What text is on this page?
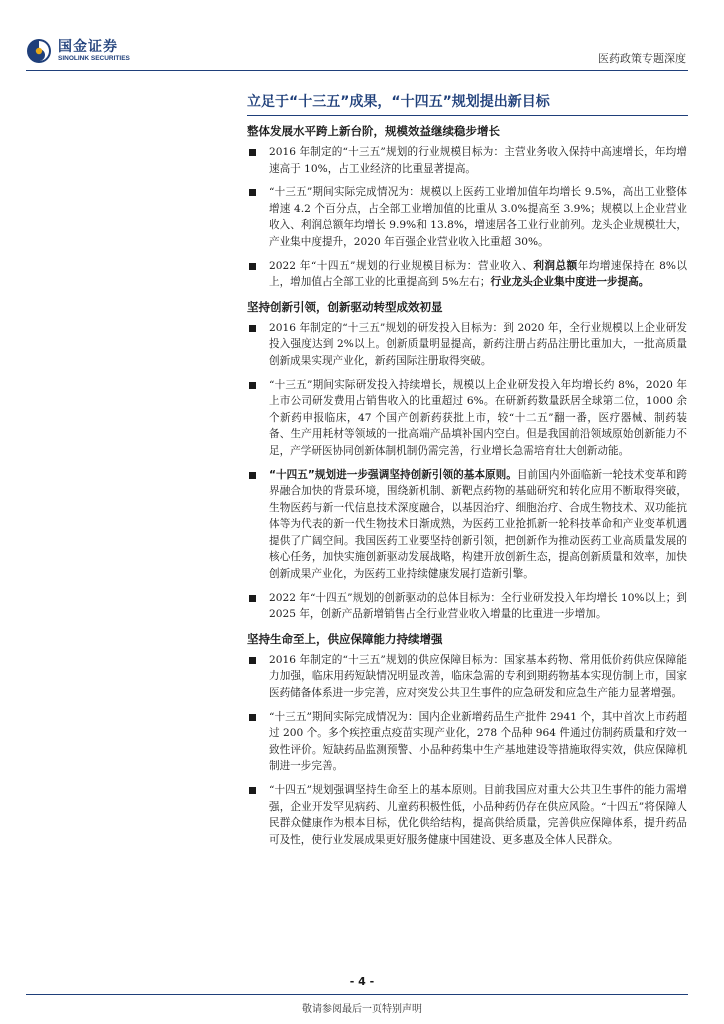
国金证券
SINOLINK SECURITIES	医药政策专题深度
立足于“十三五”成果，“十四五”规划提出新目标
整体发展水平跨上新台阶，规模效益继续稳步增长
2016 年制定的“十三五”规划的行业规模目标为：主营业务收入保持中高速增长，年均增速高于 10%，占工业经济的比重显著提高。
“十三五”期间实际完成情况为：规模以上医药工业增加值年均增长 9.5%，高出工业整体增速 4.2 个百分点，占全部工业增加值的比重从 3.0%提高至 3.9%；规模以上企业营业收入、利润总额年均增长 9.9%和 13.8%，增速居各工业行业前列。龙头企业规模壮大，产业集中度提升，2020 年百强企业营业收入比重超 30%。
2022 年“十四五”规划的行业规模目标为：营业收入、利润总额年均增速保持在 8%以上，增加值占全部工业的比重提高到 5%左右；行业龙头企业集中度进一步提高。
坚持创新引领，创新驱动转型成效初显
2016 年制定的“十三五”规划的研发投入目标为：到 2020 年，全行业规模以上企业研发投入强度达到 2%以上。创新质量明显提高，新药注册占药品注册比重加大，一批高质量创新成果实现产业化，新药国际注册取得突破。
“十三五”期间实际研发投入持续增长，规模以上企业研发投入年均增长约 8%，2020 年上市公司研发费用占销售收入的比重超过 6%。在研新药数量跃居全球第二位，1000 余个新药申报临床，47 个国产创新药获批上市，较“十二五”翻一番，医疗器械、制药装备、生产用耗材等领域的一批高端产品填补国内空白。但是我国前沿领域原始创新能力不足，产学研医协同创新体制机制仍需完善，行业增长急需培育壮大创新动能。
“十四五”规划进一步强调坚持创新引领的基本原则。目前国内外面临新一轮技术变革和跨界融合加快的背景环境，围绕新机制、新靶点药物的基础研究和转化应用不断取得突破，生物医药与新一代信息技术深度融合，以基因治疗、细胞治疗、合成生物技术、双功能抗体等为代表的新一代生物技术日渐成熟，为医药工业抢抓新一轮科技革命和产业变革机遇提供了广阔空间。我国医药工业要坚持创新引领，把创新作为推动医药工业高质量发展的核心任务，加快实施创新驱动发展战略，构建开放创新生态，提高创新质量和效率，加快创新成果产业化，为医药工业持续健康发展打造新引擎。
2022 年“十四五”规划的创新驱动的总体目标为：全行业研发投入年均增长 10%以上；到 2025 年，创新产品新增销售占全行业营业收入增量的比重进一步增加。
坚持生命至上，供应保障能力持续增强
2016 年制定的“十三五”规划的供应保障目标为：国家基本药物、常用低价药供应保障能力加强，临床用药短缺情况明显改善，临床急需的专利到期药物基本实现仿制上市，国家医药储备体系进一步完善，应对突发公共卫生事件的应急研发和应急生产能力显著增强。
“十三五”期间实际完成情况为：国内企业新增药品生产批件 2941 个，其中首次上市药超过 200 个。多个疾控重点疫苗实现产业化，278 个品种 964 件通过仿制药质量和疗效一致性评价。短缺药品监测预警、小品种药集中生产基地建设等措施取得实效，供应保障机制进一步完善。
“十四五”规划强调坚持生命至上的基本原则。目前我国应对重大公共卫生事件的能力需增强，企业开发罕见病药、儿童药积极性低，小品种药仍存在供应风险。“十四五”将保障人民群众健康作为根本目标，优化供给结构，提高供给质量，完善供应保障体系，提升药品可及性，使行业发展成果更好服务健康中国建设、更多惠及全体人民群众。
- 4 -
敬请参阅最后一页特别声明
